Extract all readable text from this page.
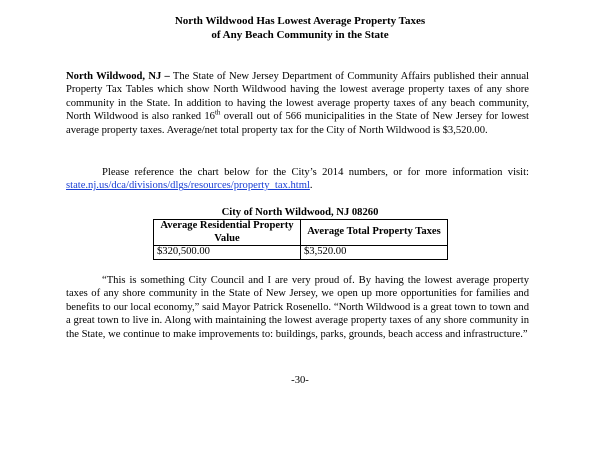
North Wildwood Has Lowest Average Property Taxes
of Any Beach Community in the State

North Wildwood, NJ – The State of New Jersey Department of Community Affairs published their annual Property Tax Tables which show North Wildwood having the lowest average property taxes of any shore community in the State. In addition to having the lowest average property taxes of any beach community, North Wildwood is also ranked 16th overall out of 566 municipalities in the State of New Jersey for lowest average property taxes. Average/net total property tax for the City of North Wildwood is $3,520.00.

Please reference the chart below for the City’s 2014 numbers, or for more information visit: state.nj.us/dca/divisions/dlgs/resources/property_tax.html.

City of North Wildwood, NJ 08260
Average Residential Property Value	Average Total Property Taxes
$320,500.00	$3,520.00

“This is something City Council and I are very proud of. By having the lowest average property taxes of any shore community in the State of New Jersey, we open up more opportunities for families and benefits to our local economy,” said Mayor Patrick Rosenello. “North Wildwood is a great town to town and a great town to live in. Along with maintaining the lowest average property taxes of any shore community in the State, we continue to make improvements to: buildings, parks, grounds, beach access and infrastructure.”

-30-
